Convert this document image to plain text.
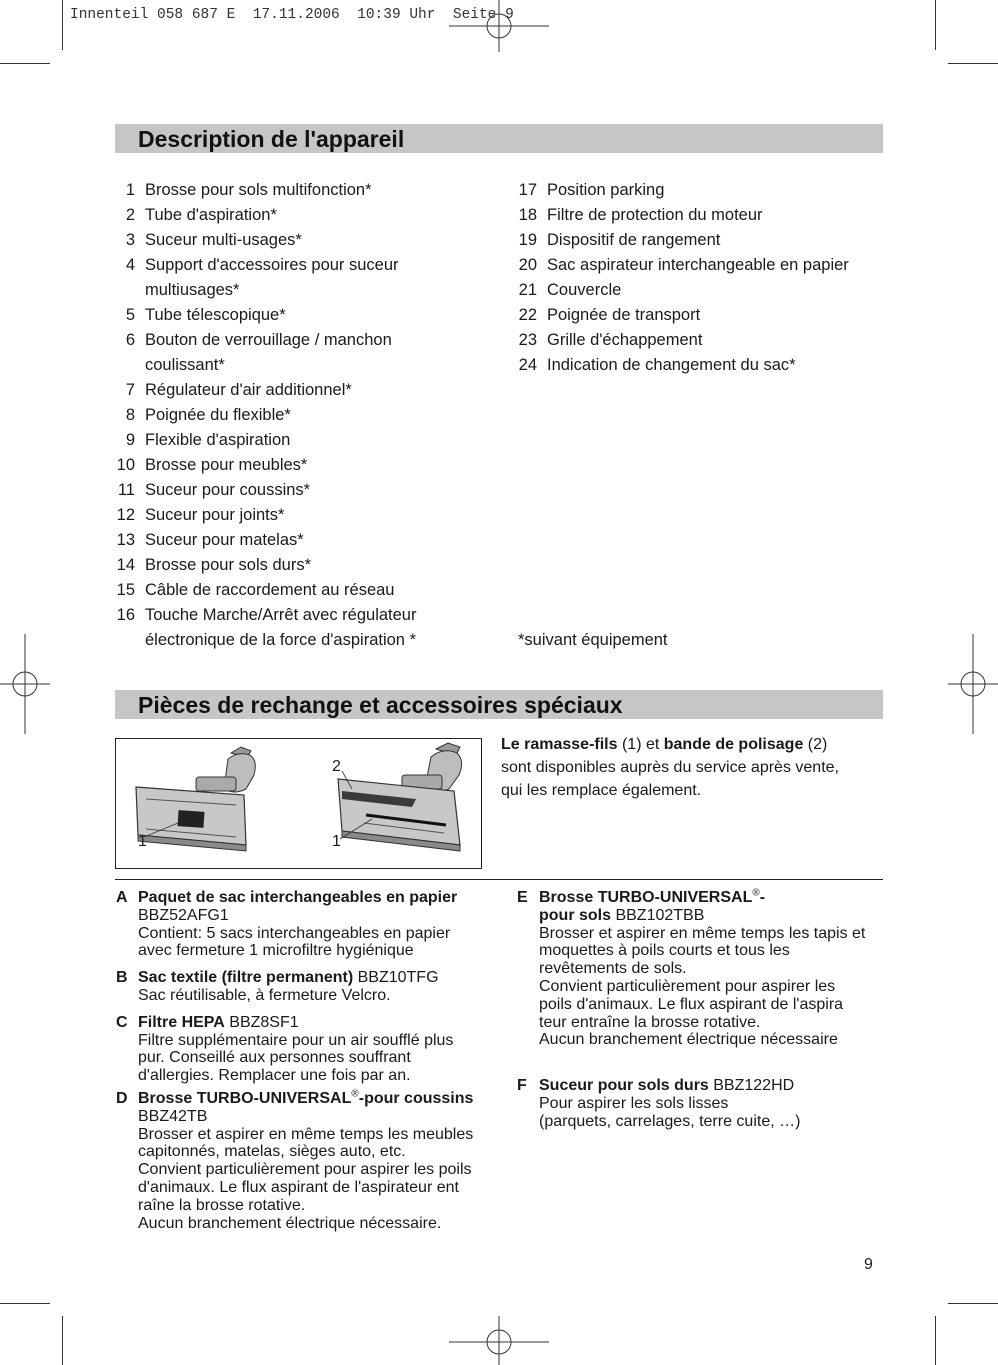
Innenteil 058 687 E  17.11.2006  10:39 Uhr  Seite 9
Description de l'appareil
1 Brosse pour sols multifonction*
2 Tube d'aspiration*
3 Suceur multi-usages*
4 Support d'accessoires pour suceur
multiusages*
5 Tube télescopique*
6 Bouton de verrouillage / manchon
coulissant*
7 Régulateur d'air additionnel*
8 Poignée du flexible*
9 Flexible d'aspiration
10 Brosse pour meubles*
11 Suceur pour coussins*
12 Suceur pour joints*
13 Suceur pour matelas*
14 Brosse pour sols durs*
15 Câble de raccordement au réseau
16 Touche Marche/Arrêt avec régulateur
électronique de la force d'aspiration *
17 Position parking
18 Filtre de protection du moteur
19 Dispositif de rangement
20 Sac aspirateur interchangeable en papier
21 Couvercle
22 Poignée de transport
23 Grille d'échappement
24 Indication de changement du sac*
*suivant équipement
Pièces de rechange et accessoires spéciaux
1
2
1
Le ramasse-fils (1) et bande de polisage (2)
sont disponibles auprès du service après vente,
qui les remplace également.
A Paquet de sac interchangeables en papier
BBZ52AFG1
Contient: 5 sacs interchangeables en papier
avec fermeture 1 microfiltre hygiénique
B Sac textile (filtre permanent) BBZ10TFG
Sac réutilisable, à fermeture Velcro.
C Filtre HEPA BBZ8SF1
Filtre supplémentaire pour un air soufflé plus
pur. Conseillé aux personnes souffrant
d'allergies. Remplacer une fois par an.
D Brosse TURBO-UNIVERSAL®-pour coussins
BBZ42TB
Brosser et aspirer en même temps les meubles
capitonnés, matelas, sièges auto, etc.
Convient particulièrement pour aspirer les poils
d'animaux. Le flux aspirant de l'aspirateur ent
raîne la brosse rotative.
Aucun branchement électrique nécessaire.
E Brosse TURBO-UNIVERSAL®-
pour sols BBZ102TBB
Brosser et aspirer en même temps les tapis et
moquettes à poils courts et tous les
revêtements de sols.
Convient particulièrement pour aspirer les
poils d'animaux. Le flux aspirant de l'aspira
teur entraîne la brosse rotative.
Aucun branchement électrique nécessaire
F Suceur pour sols durs BBZ122HD
Pour aspirer les sols lisses
(parquets, carrelages, terre cuite, …)
9
